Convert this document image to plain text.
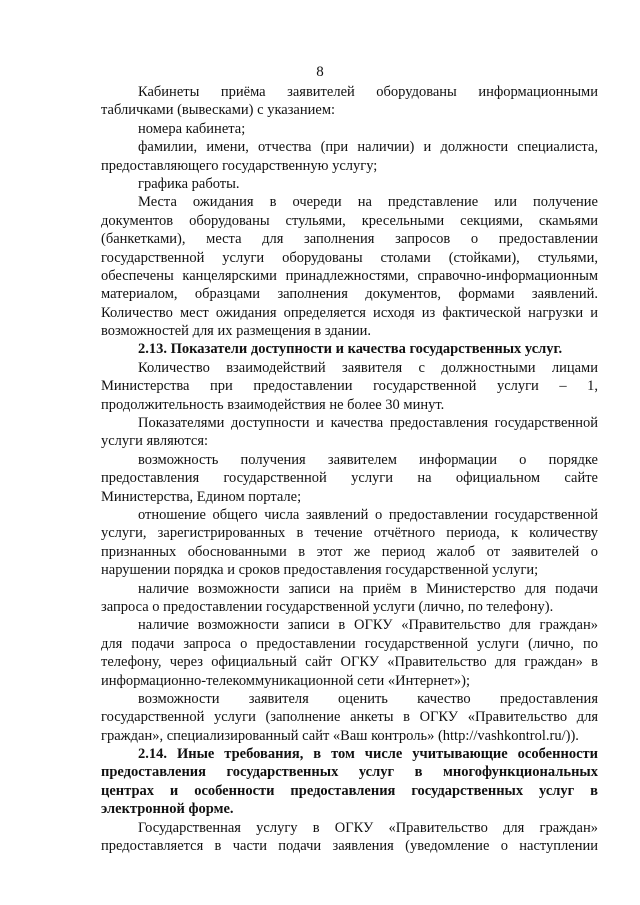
8
Кабинеты приёма заявителей оборудованы информационными
табличками (вывесками) с указанием:
номера кабинета;
фамилии, имени, отчества (при наличии) и должности специалиста,
предоставляющего государственную услугу;
графика работы.
Места ожидания в очереди на представление или получение
документов оборудованы стульями, кресельными секциями, скамьями
(банкетками), места для заполнения запросов о предоставлении
государственной услуги оборудованы столами (стойками), стульями,
обеспечены канцелярскими принадлежностями, справочно-информационным
материалом, образцами заполнения документов, формами заявлений.
Количество мест ожидания определяется исходя из фактической нагрузки и
возможностей для их размещения в здании.
2.13. Показатели доступности и качества государственных услуг.
Количество взаимодействий заявителя с должностными лицами
Министерства при предоставлении государственной услуги – 1,
продолжительность взаимодействия не более 30 минут.
Показателями доступности и качества предоставления государственной
услуги являются:
возможность получения заявителем информации о порядке
предоставления государственной услуги на официальном сайте
Министерства, Едином портале;
отношение общего числа заявлений о предоставлении государственной
услуги, зарегистрированных в течение отчётного периода, к количеству
признанных обоснованными в этот же период жалоб от заявителей о
нарушении порядка и сроков предоставления государственной услуги;
наличие возможности записи на приём в Министерство для подачи
запроса о предоставлении государственной услуги (лично, по телефону).
наличие возможности записи в ОГКУ «Правительство для граждан»
для подачи запроса о предоставлении государственной услуги (лично, по
телефону, через официальный сайт ОГКУ «Правительство для граждан» в
информационно-телекоммуникационной сети «Интернет»);
возможности заявителя оценить качество предоставления
государственной услуги (заполнение анкеты в ОГКУ «Правительство для
граждан», специализированный сайт «Ваш контроль» (http://vashkontrol.ru/)).
2.14. Иные требования, в том числе учитывающие особенности
предоставления государственных услуг в многофункциональных
центрах и особенности предоставления государственных услуг в
электронной форме.
Государственная услугу в ОГКУ «Правительство для граждан»
предоставляется в части подачи заявления (уведомление о наступлении
